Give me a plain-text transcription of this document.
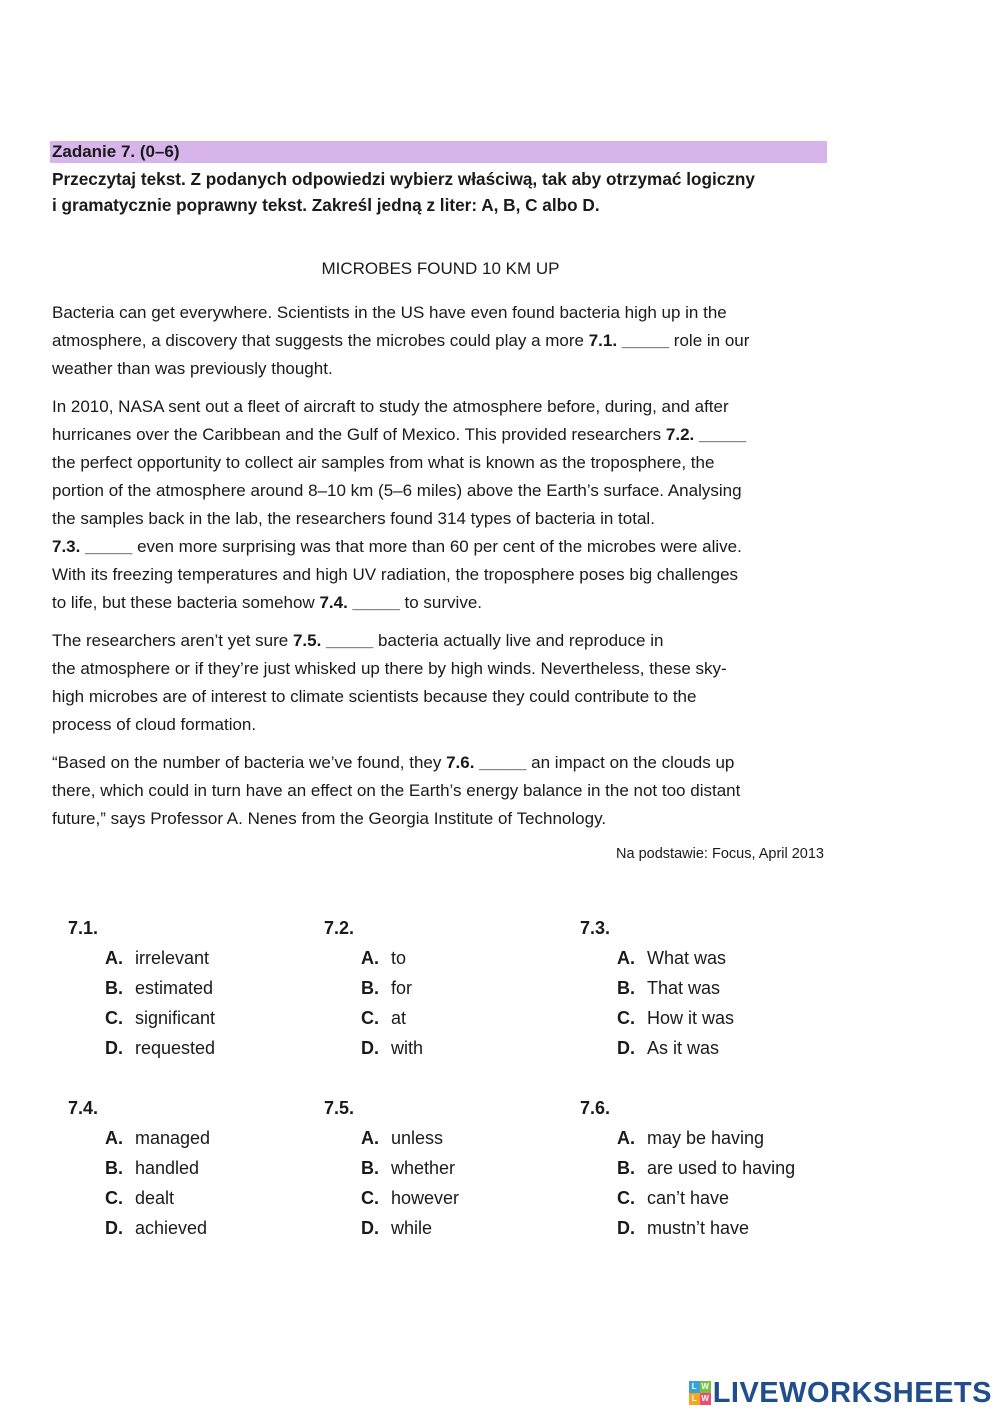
Zadanie 7. (0–6)
Przeczytaj tekst. Z podanych odpowiedzi wybierz właściwą, tak aby otrzymać logiczny
i gramatycznie poprawny tekst. Zakreśl jedną z liter: A, B, C albo D.
MICROBES FOUND 10 KM UP
Bacteria can get everywhere. Scientists in the US have even found bacteria high up in the
atmosphere, a discovery that suggests the microbes could play a more 7.1. _____ role in our
weather than was previously thought.
In 2010, NASA sent out a fleet of aircraft to study the atmosphere before, during, and after
hurricanes over the Caribbean and the Gulf of Mexico. This provided researchers 7.2. _____
the perfect opportunity to collect air samples from what is known as the troposphere, the
portion of the atmosphere around 8–10 km (5–6 miles) above the Earth’s surface. Analysing
the samples back in the lab, the researchers found 314 types of bacteria in total.
7.3. _____ even more surprising was that more than 60 per cent of the microbes were alive.
With its freezing temperatures and high UV radiation, the troposphere poses big challenges
to life, but these bacteria somehow 7.4. _____ to survive.
The researchers aren’t yet sure 7.5. _____ bacteria actually live and reproduce in
the atmosphere or if they’re just whisked up there by high winds. Nevertheless, these sky-
high microbes are of interest to climate scientists because they could contribute to the
process of cloud formation.
“Based on the number of bacteria we’ve found, they 7.6. _____ an impact on the clouds up
there, which could in turn have an effect on the Earth’s energy balance in the not too distant
future,” says Professor A. Nenes from the Georgia Institute of Technology.
Na podstawie: Focus, April 2013
7.1.
A. irrelevant
B. estimated
C. significant
D. requested
7.2.
A. to
B. for
C. at
D. with
7.3.
A. What was
B. That was
C. How it was
D. As it was
7.4.
A. managed
B. handled
C. dealt
D. achieved
7.5.
A. unless
B. whether
C. however
D. while
7.6.
A. may be having
B. are used to having
C. can’t have
D. mustn’t have
L W
L W LIVEWORKSHEETS
